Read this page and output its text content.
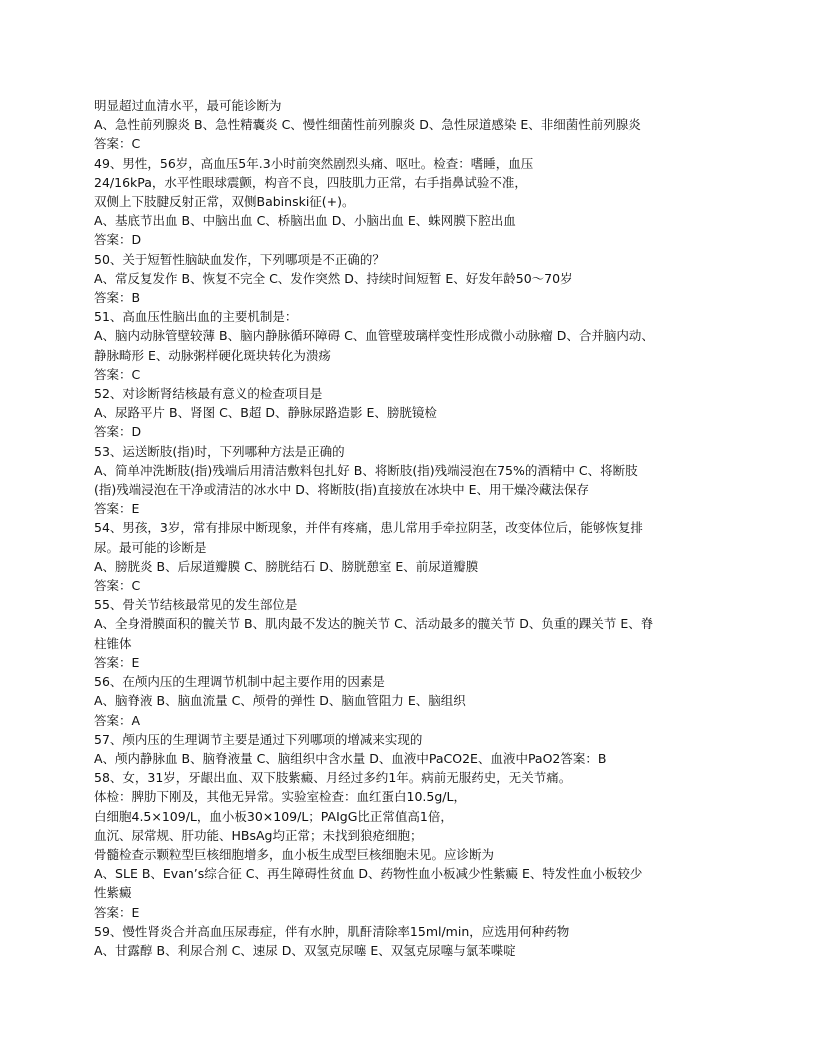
明显超过血清水平，最可能诊断为
A、急性前列腺炎 B、急性精囊炎 C、慢性细菌性前列腺炎 D、急性尿道感染 E、非细菌性前列腺炎
答案：C
49、男性，56岁，高血压5年.3小时前突然剧烈头痛、呕吐。检查：嗜睡，血压
24/16kPa，水平性眼球震颤，构音不良，四肢肌力正常，右手指鼻试验不准，
双侧上下肢腱反射正常，双侧Babinski征(+)。
A、基底节出血 B、中脑出血 C、桥脑出血 D、小脑出血 E、蛛网膜下腔出血
答案：D
50、关于短暂性脑缺血发作，下列哪项是不正确的？
A、常反复发作 B、恢复不完全 C、发作突然 D、持续时间短暂 E、好发年龄50～70岁
答案：B
51、高血压性脑出血的主要机制是：
A、脑内动脉管壁较薄 B、脑内静脉循环障碍 C、血管壁玻璃样变性形成微小动脉瘤 D、合并脑内动、
静脉畸形 E、动脉粥样硬化斑块转化为溃疡
答案：C
52、对诊断肾结核最有意义的检查项目是
A、尿路平片 B、肾图 C、B超 D、静脉尿路造影 E、膀胱镜检
答案：D
53、运送断肢(指)时，下列哪种方法是正确的
A、简单冲洗断肢(指)残端后用清洁敷料包扎好 B、将断肢(指)残端浸泡在75%的酒精中 C、将断肢
(指)残端浸泡在干净或清洁的冰水中 D、将断肢(指)直接放在冰块中 E、用干燥冷藏法保存
答案：E
54、男孩，3岁，常有排尿中断现象，并伴有疼痛，患儿常用手牵拉阴茎，改变体位后，能够恢复排
尿。最可能的诊断是
A、膀胱炎 B、后尿道瓣膜 C、膀胱结石 D、膀胱憩室 E、前尿道瓣膜
答案：C
55、骨关节结核最常见的发生部位是
A、全身滑膜面积的髋关节 B、肌肉最不发达的腕关节 C、活动最多的髋关节 D、负重的踝关节 E、脊
柱锥体
答案：E
56、在颅内压的生理调节机制中起主要作用的因素是
A、脑脊液 B、脑血流量 C、颅骨的弹性 D、脑血管阻力 E、脑组织
答案：A
57、颅内压的生理调节主要是通过下列哪项的增减来实现的
A、颅内静脉血 B、脑脊液量 C、脑组织中含水量 D、血液中PaCO2E、血液中PaO2答案：B
58、女，31岁，牙龈出血、双下肢紫癜、月经过多约1年。病前无服药史，无关节痛。
体检：脾肋下刚及，其他无异常。实验室检查：血红蛋白10.5g/L，
白细胞4.5×109/L，血小板30×109/L；PAIgG比正常值高1倍，
血沉、尿常规、肝功能、HBsAg均正常；未找到狼疮细胞；
骨髓检查示颗粒型巨核细胞增多，血小板生成型巨核细胞未见。应诊断为
A、SLE B、Evan’s综合征 C、再生障碍性贫血 D、药物性血小板减少性紫癜 E、特发性血小板较少
性紫癜
答案：E
59、慢性肾炎合并高血压尿毒症，伴有水肿，肌酐清除率15ml/min，应选用何种药物
A、甘露醇 B、利尿合剂 C、速尿 D、双氢克尿噻 E、双氢克尿噻与氯苯喋啶
